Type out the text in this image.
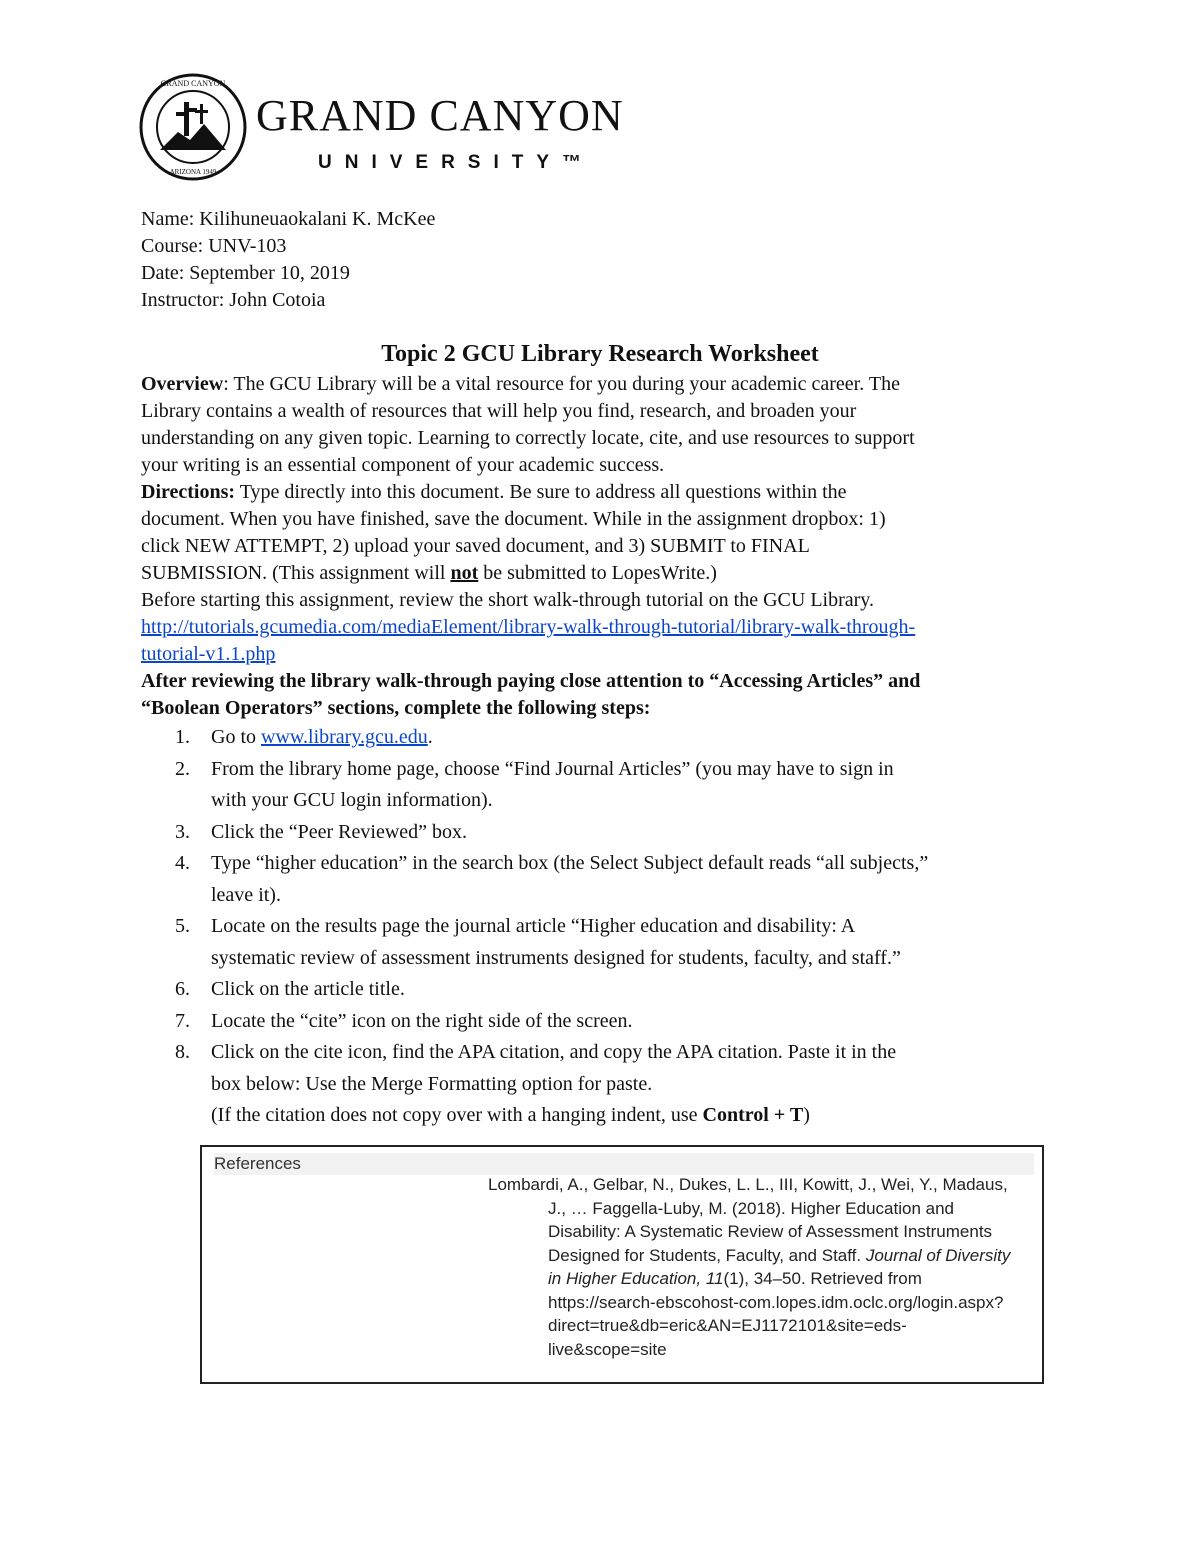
GRAND CANYON
ARIZONA 1949
GRAND CANYON
UNIVERSITY™
Name: Kilihuneuaokalani K. McKee
Course: UNV-103
Date: September 10, 2019
Instructor: John Cotoia
Topic 2 GCU Library Research Worksheet

Overview: The GCU Library will be a vital resource for you during your academic career. The
Library contains a wealth of resources that will help you find, research, and broaden your
understanding on any given topic. Learning to correctly locate, cite, and use resources to support
your writing is an essential component of your academic success.

Directions: Type directly into this document. Be sure to address all questions within the
document. When you have finished, save the document. While in the assignment dropbox: 1)
click NEW ATTEMPT, 2) upload your saved document, and 3) SUBMIT to FINAL
SUBMISSION. (This assignment will not be submitted to LopesWrite.)

Before starting this assignment, review the short walk-through tutorial on the GCU Library.
http://tutorials.gcumedia.com/mediaElement/library-walk-through-tutorial/library-walk-through-
tutorial-v1.1.php

After reviewing the library walk-through paying close attention to “Accessing Articles” and
“Boolean Operators” sections, complete the following steps:

1. Go to www.library.gcu.edu.
2. From the library home page, choose “Find Journal Articles” (you may have to sign in
with your GCU login information).
3. Click the “Peer Reviewed” box.
4. Type “higher education” in the search box (the Select Subject default reads “all subjects,”
leave it).
5. Locate on the results page the journal article “Higher education and disability: A
systematic review of assessment instruments designed for students, faculty, and staff.”
6. Click on the article title.
7. Locate the “cite” icon on the right side of the screen.
8. Click on the cite icon, find the APA citation, and copy the APA citation. Paste it in the
box below: Use the Merge Formatting option for paste.
(If the citation does not copy over with a hanging indent, use Control + T)
References
Lombardi, A., Gelbar, N., Dukes, L. L., III, Kowitt, J., Wei, Y., Madaus,
J., … Faggella-Luby, M. (2018). Higher Education and
Disability: A Systematic Review of Assessment Instruments
Designed for Students, Faculty, and Staff. Journal of Diversity
in Higher Education, 11(1), 34–50. Retrieved from
https://search-ebscohost-com.lopes.idm.oclc.org/login.aspx?
direct=true&db=eric&AN=EJ1172101&site=eds-
live&scope=site
